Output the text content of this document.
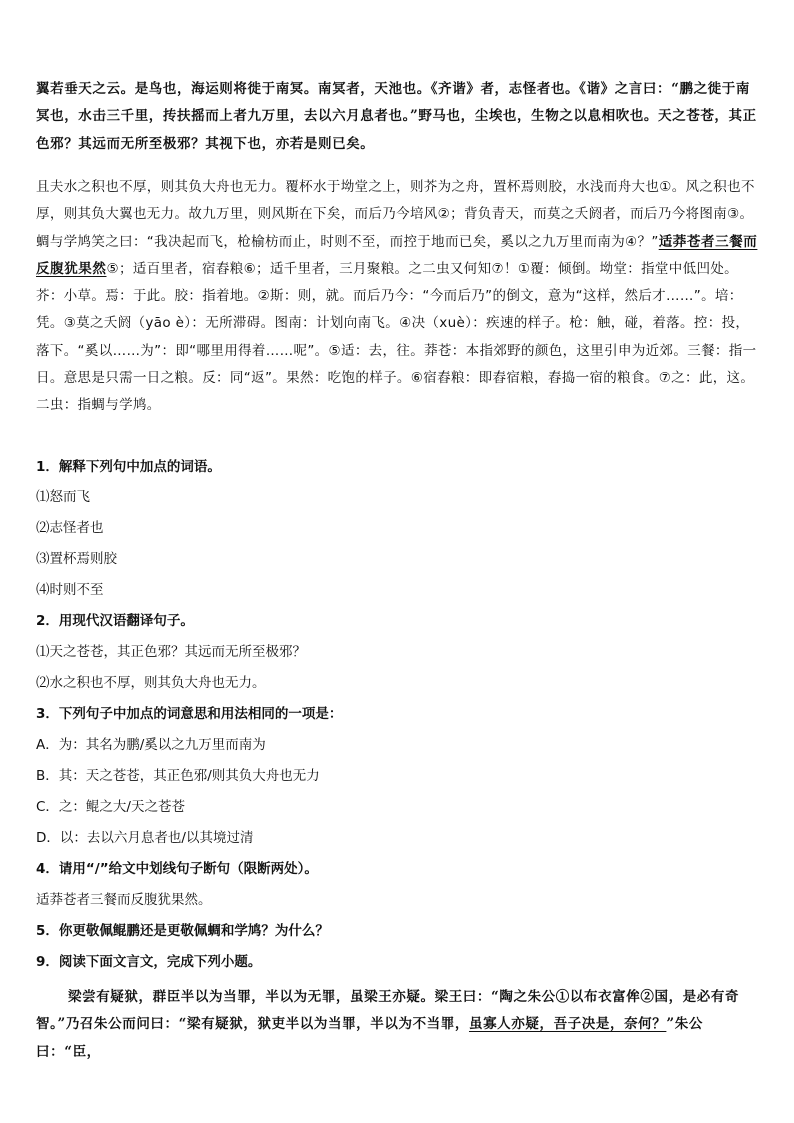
翼若垂天之云。是鸟也，海运则将徙于南冥。南冥者，天池也。《齐谐》者，志怪者也。《谐》之言曰：“鹏之徙于南冥也，水击三千里，抟扶摇而上者九万里，去以六月息者也。”野马也，尘埃也，生物之以息相吹也。天之苍苍，其正色邪？其远而无所至极邪？其视下也，亦若是则已矣。

且夫水之积也不厚，则其负大舟也无力。覆杯水于坳堂之上，则芥为之舟，置杯焉则胶，水浅而舟大也①。风之积也不厚，则其负大翼也无力。故九万里，则风斯在下矣，而后乃今培风②；背负青天，而莫之夭阏者，而后乃今将图南③。蜩与学鸠笑之曰：“我决起而飞，枪榆枋而止，时则不至，而控于地而已矣，奚以之九万里而南为④？”适莽苍者三餐而反腹犹果然⑤；适百里者，宿舂粮⑥；适千里者，三月聚粮。之二虫又何知⑦！①覆：倾倒。坳堂：指堂中低凹处。芥：小草。焉：于此。胶：指着地。②斯：则，就。而后乃今：“今而后乃”的倒文，意为“这样，然后才……”。培：凭。③莫之夭阏（yāo è）：无所滞碍。图南：计划向南飞。④决（xuè）：疾速的样子。枪：触，碰，着落。控：投，落下。“奚以……为”：即“哪里用得着……呢”。⑤适：去，往。莽苍：本指郊野的颜色，这里引申为近郊。三餐：指一日。意思是只需一日之粮。反：同“返”。果然：吃饱的样子。⑥宿舂粮：即舂宿粮，舂捣一宿的粮食。⑦之：此，这。二虫：指蜩与学鸠。

1．解释下列句中加点的词语。

⑴怒而飞

⑵志怪者也

⑶置杯焉则胶

⑷时则不至

2．用现代汉语翻译句子。

⑴天之苍苍，其正色邪？其远而无所至极邪？

⑵水之积也不厚，则其负大舟也无力。

3．下列句子中加点的词意思和用法相同的一项是：

A．为：其名为鹏/奚以之九万里而南为

B．其：天之苍苍，其正色邪/则其负大舟也无力

C．之：鲲之大/天之苍苍

D．以：去以六月息者也/以其境过清

4．请用“/”给文中划线句子断句（限断两处）。

适莽苍者三餐而反腹犹果然。

5．你更敬佩鲲鹏还是更敬佩蜩和学鸠？为什么？

9．阅读下面文言文，完成下列小题。

梁尝有疑狱，群臣半以为当罪，半以为无罪，虽梁王亦疑。梁王曰：“陶之朱公①以布衣富侔②国，是必有奇智。”乃召朱公而问曰：“梁有疑狱，狱吏半以为当罪，半以为不当罪，虽寡人亦疑，吾子决是，奈何？”朱公曰：“臣，
